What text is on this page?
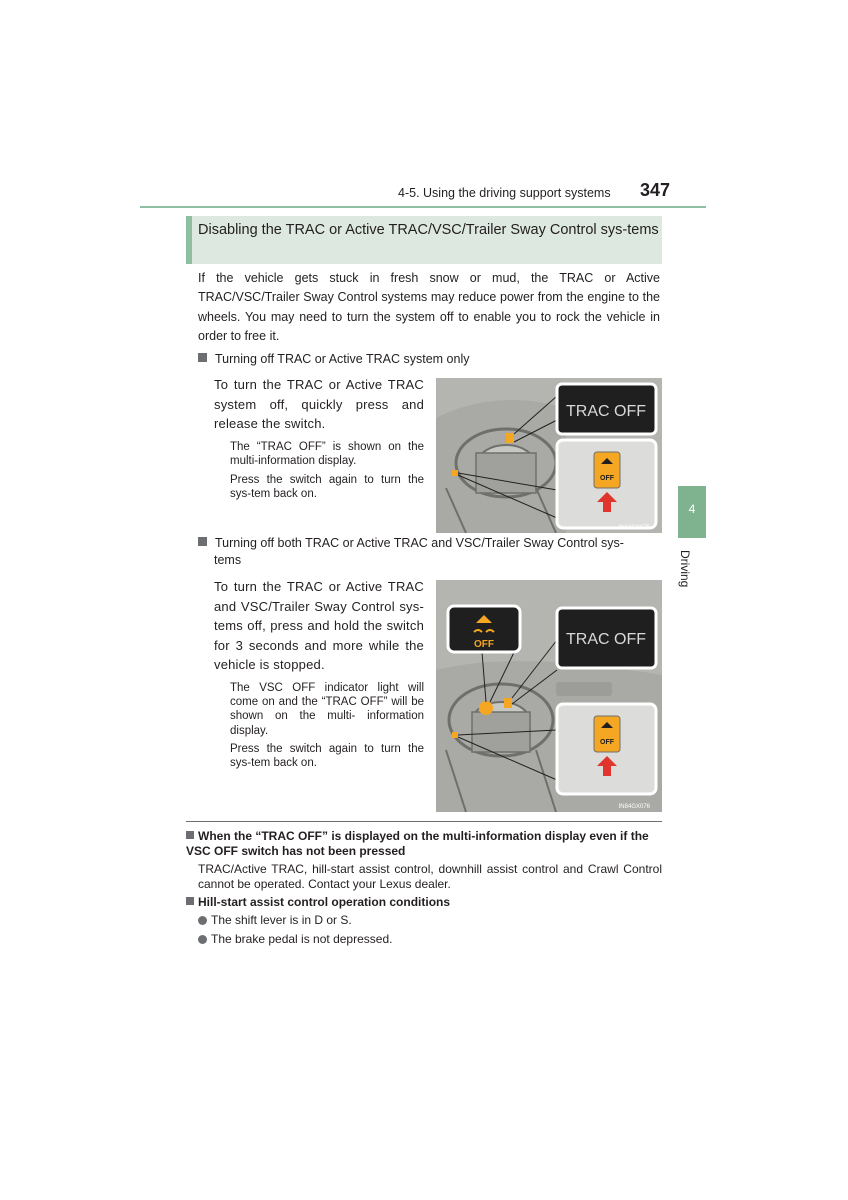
4-5. Using the driving support systems 347
4
Driving
Disabling the TRAC or Active TRAC/VSC/Trailer Sway Control sys-tems
If the vehicle gets stuck in fresh snow or mud, the TRAC or Active TRAC/VSC/Trailer Sway Control systems may reduce power from the engine to the wheels. You may need to turn the system off to enable you to rock the vehicle in order to free it.
Turning off TRAC or Active TRAC system only
To turn the TRAC or Active TRAC system off, quickly press and release the switch.
The “TRAC OFF” is shown on the multi-information display.
Press the switch again to turn the sys-tem back on.
TRAC OFF
OFF
IN84GX075
Turning off both TRAC or Active TRAC and VSC/Trailer Sway Control sys-
tems
To turn the TRAC or Active TRAC and VSC/Trailer Sway Control sys-tems off, press and hold the switch for 3 seconds and more while the vehicle is stopped.
The VSC OFF indicator light will come on and the “TRAC OFF” will be shown on the multi- information display.
Press the switch again to turn the sys-tem back on.
OFF	TRAC OFF
OFF
IN84GX076
When the “TRAC OFF” is displayed on the multi-information display even if the VSC OFF switch has not been pressed
TRAC/Active TRAC, hill-start assist control, downhill assist control and Crawl Control cannot be operated. Contact your Lexus dealer.
Hill-start assist control operation conditions
The shift lever is in D or S.
The brake pedal is not depressed.
